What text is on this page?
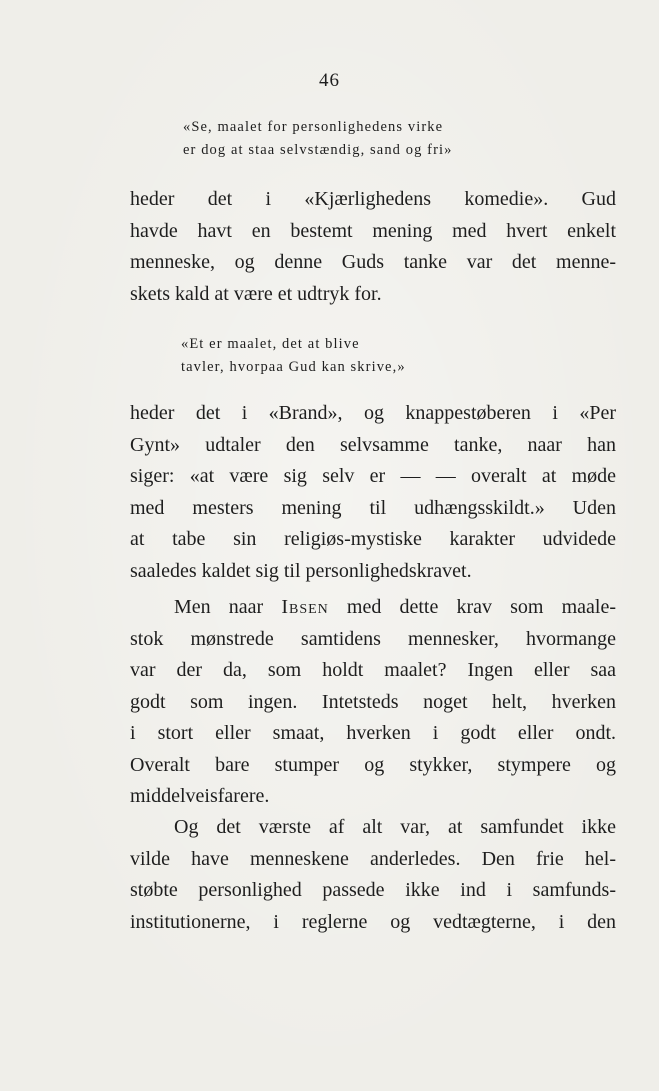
46
«Se, maalet for personlighedens virke
er dog at staa selvstændig, sand og fri»
heder det i «Kjærlighedens komedie». Gud
havde havt en bestemt mening med hvert enkelt
menneske, og denne Guds tanke var det menne-
skets kald at være et udtryk for.
«Et er maalet, det at blive
tavler, hvorpaa Gud kan skrive,»
heder det i «Brand», og knappestøberen i «Per
Gynt» udtaler den selvsamme tanke, naar han
siger: «at være sig selv er — — overalt at møde
med mesters mening til udhængsskildt.» Uden
at tabe sin religiøs-mystiske karakter udvidede
saaledes kaldet sig til personlighedskravet.
Men naar Ibsen med dette krav som maale-
stok mønstrede samtidens mennesker, hvormange
var der da, som holdt maalet? Ingen eller saa
godt som ingen. Intetsteds noget helt, hverken
i stort eller smaat, hverken i godt eller ondt.
Overalt bare stumper og stykker, stympere og
middelveisfarere.
Og det værste af alt var, at samfundet ikke
vilde have menneskene anderledes. Den frie hel-
støbte personlighed passede ikke ind i samfunds-
institutionerne, i reglerne og vedtægterne, i den
